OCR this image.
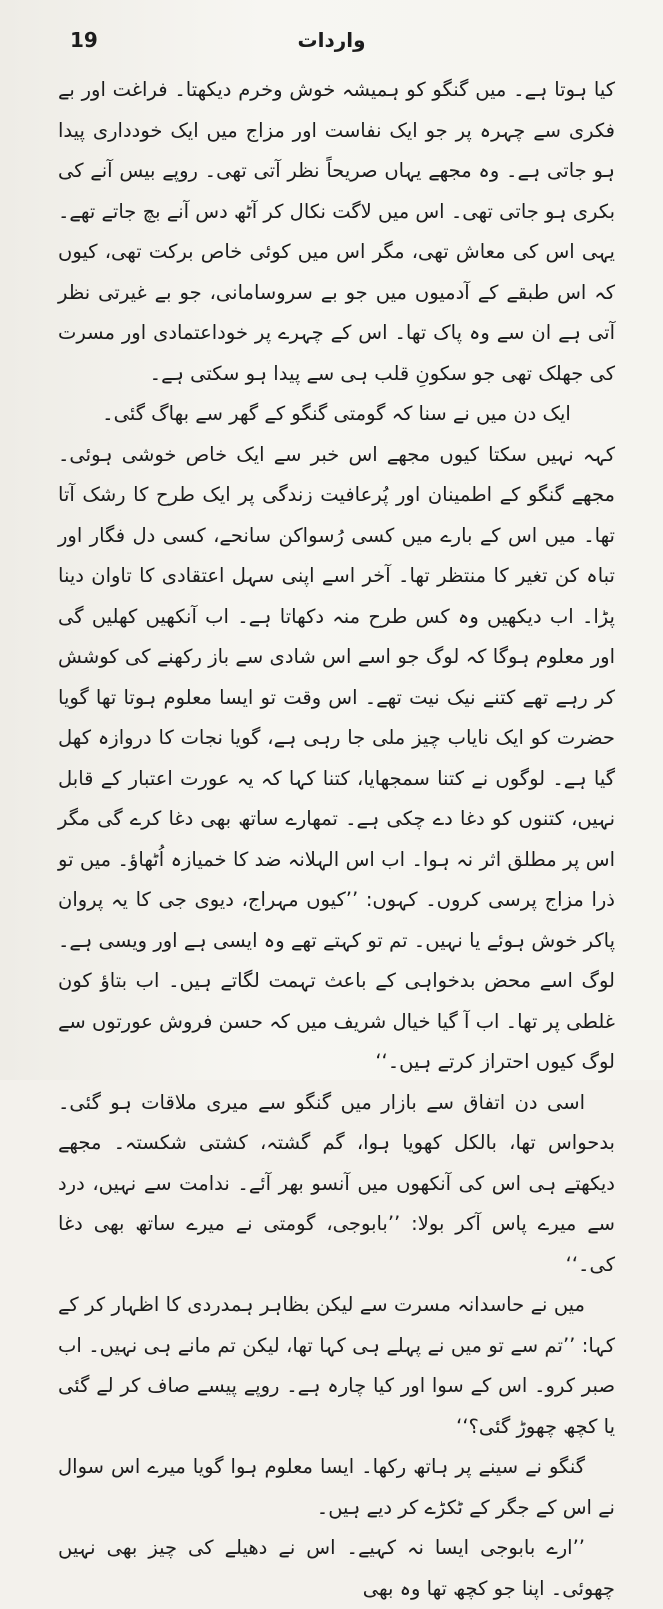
19	واردات

کیا ہوتا ہے۔ میں گنگو کو ہمیشہ خوش وخرم دیکھتا۔ فراغت اور بے فکری سے چہرہ پر جو ایک نفاست اور مزاج میں ایک خودداری پیدا ہو جاتی ہے۔ وہ مجھے یہاں صریحاً نظر آتی تھی۔ روپے بیس آنے کی بکری ہو جاتی تھی۔ اس میں لاگت نکال کر آٹھ دس آنے بچ جاتے تھے۔ یہی اس کی معاش تھی، مگر اس میں کوئی خاص برکت تھی، کیوں کہ اس طبقے کے آدمیوں میں جو بے سروسامانی، جو بے غیرتی نظر آتی ہے ان سے وہ پاک تھا۔ اس کے چہرے پر خوداعتمادی اور مسرت کی جھلک تھی جو سکونِ قلب ہی سے پیدا ہو سکتی ہے۔

ایک دن میں نے سنا کہ گومتی گنگو کے گھر سے بھاگ گئی۔

کہہ نہیں سکتا کیوں مجھے اس خبر سے ایک خاص خوشی ہوئی۔ مجھے گنگو کے اطمینان اور پُرعافیت زندگی پر ایک طرح کا رشک آتا تھا۔ میں اس کے بارے میں کسی رُسواکن سانحے، کسی دل فگار اور تباہ کن تغیر کا منتظر تھا۔ آخر اسے اپنی سہل اعتقادی کا تاوان دینا پڑا۔ اب دیکھیں وہ کس طرح منہ دکھاتا ہے۔ اب آنکھیں کھلیں گی اور معلوم ہوگا کہ لوگ جو اسے اس شادی سے باز رکھنے کی کوشش کر رہے تھے کتنے نیک نیت تھے۔ اس وقت تو ایسا معلوم ہوتا تھا گویا حضرت کو ایک نایاب چیز ملی جا رہی ہے، گویا نجات کا دروازہ کھل گیا ہے۔ لوگوں نے کتنا سمجھایا، کتنا کہا کہ یہ عورت اعتبار کے قابل نہیں، کتنوں کو دغا دے چکی ہے۔ تمھارے ساتھ بھی دغا کرے گی مگر اس پر مطلق اثر نہ ہوا۔ اب اس الہلانہ ضد کا خمیازہ اُٹھاؤ۔ میں تو ذرا مزاج پرسی کروں۔ کہوں: ’’کیوں مہراج، دیوی جی کا یہ پروان پاکر خوش ہوئے یا نہیں۔ تم تو کہتے تھے وہ ایسی ہے اور ویسی ہے۔ لوگ اسے محض بدخواہی کے باعث تہمت لگاتے ہیں۔ اب بتاؤ کون غلطی پر تھا۔ اب آ گیا خیال شریف میں کہ حسن فروش عورتوں سے لوگ کیوں احتراز کرتے ہیں۔‘‘

اسی دن اتفاق سے بازار میں گنگو سے میری ملاقات ہو گئی۔ بدحواس تھا، بالکل کھویا ہوا، گم گشتہ، کشتی شکستہ۔ مجھے دیکھتے ہی اس کی آنکھوں میں آنسو بھر آئے۔ ندامت سے نہیں، درد سے میرے پاس آکر بولا: ’’بابوجی، گومتی نے میرے ساتھ بھی دغا کی۔‘‘

میں نے حاسدانہ مسرت سے لیکن بظاہر ہمدردی کا اظہار کر کے کہا: ’’تم سے تو میں نے پہلے ہی کہا تھا، لیکن تم مانے ہی نہیں۔ اب صبر کرو۔ اس کے سوا اور کیا چارہ ہے۔ روپے پیسے صاف کر لے گئی یا کچھ چھوڑ گئی؟‘‘

گنگو نے سینے پر ہاتھ رکھا۔ ایسا معلوم ہوا گویا میرے اس سوال نے اس کے جگر کے ٹکڑے کر دیے ہیں۔

’’ارے بابوجی ایسا نہ کہیے۔ اس نے دھیلے کی چیز بھی نہیں چھوئی۔ اپنا جو کچھ تھا وہ بھی
